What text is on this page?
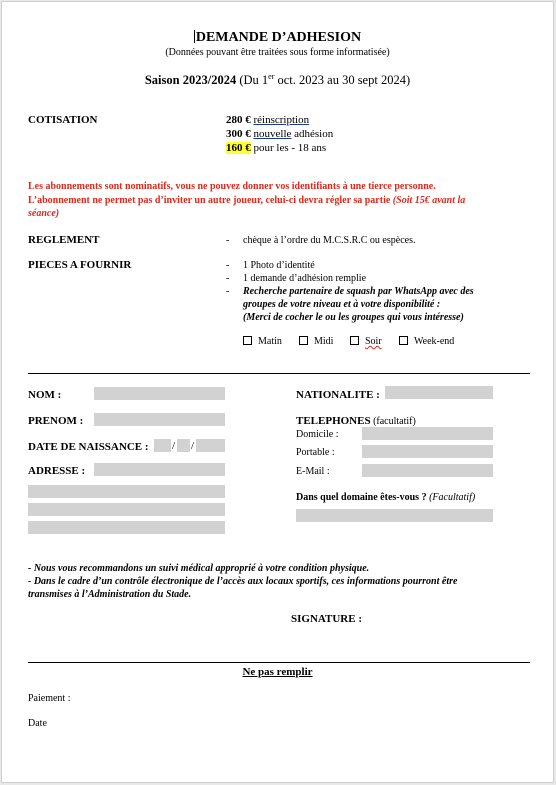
DEMANDE D’ADHESION
(Données pouvant être traitées sous forme informatisée)
Saison 2023/2024 (Du 1er oct. 2023 au 30 sept 2024)
COTISATION	280 € réinscription
300 € nouvelle adhésion
160 € pour les - 18 ans
Les abonnements sont nominatifs, vous ne pouvez donner vos identifiants à une tierce personne.
L’abonnement ne permet pas d’inviter un autre joueur, celui-ci devra régler sa partie (Soit 15€ avant la
séance)
REGLEMENT	- chèque à l’ordre du M.C.S.R.C ou espèces.
PIECES A FOURNIR	- 1 Photo d’identité
- 1 demande d’adhésion remplie
- Recherche partenaire de squash par WhatsApp avec des
groupes de votre niveau et à votre disponibilité :
(Merci de cocher le ou les groupes qui vous intéresse)
Matin	Midi	Soir	Week-end
NOM :
PRENOM :
DATE DE NAISSANCE : / /
ADRESSE :
NATIONALITE :
TELEPHONES (facultatif)
Domicile :
Portable :
E-Mail :
Dans quel domaine êtes-vous ? (Facultatif)
- Nous vous recommandons un suivi médical approprié à votre condition physique.
- Dans le cadre d’un contrôle électronique de l’accès aux locaux sportifs, ces informations pourront être
transmises à l’Administration du Stade.
SIGNATURE :
Ne pas remplir
Paiement :
Date
